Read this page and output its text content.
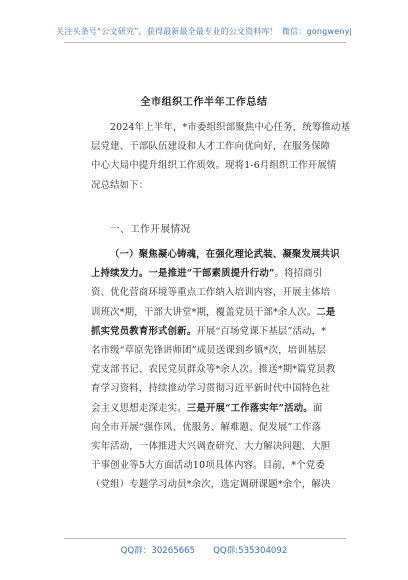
关注头条号“公文研究”，获得最新最全最专业的公文资料库！ 微信：gongwenyj
全市组织工作半年工作总结
2024年上半年，*市委组织部聚焦中心任务，统筹推动基
层党建、干部队伍建设和人才工作向优向好，在服务保障
中心大局中提升组织工作质效。现将1-6月组织工作开展情
况总结如下：
一、工作开展情况
（一）聚焦凝心铸魂，在强化理论武装、凝聚发展共识
上持续发力。一是推进“干部素质提升行动”。将招商引
资、优化营商环境等重点工作纳入培训内容，开展主体培
训班次*期，干部大讲堂*期，覆盖党员干部*余人次。二是
抓实党员教育形式创新。开展“百场党课下基层”活动，*
名市级“草原先锋讲师团”成员送课到乡镇*次，培训基层
党支部书记、农民党员群众等*余人次。推送*期*篇党员教
育学习资料，持续推动学习贯彻习近平新时代中国特色社
会主义思想走深走实。三是开展“工作落实年”活动。面
向全市开展“强作风、优服务、解难题、促发展”工作落
实年活动，一体推进大兴调查研究、大力解决问题、大胆
干事创业等5大方面活动10项具体内容。目前，*个党委
（党组）专题学习动员*余次，选定调研课题*余个，解决
QQ群：30265665 QQ群:535304092
